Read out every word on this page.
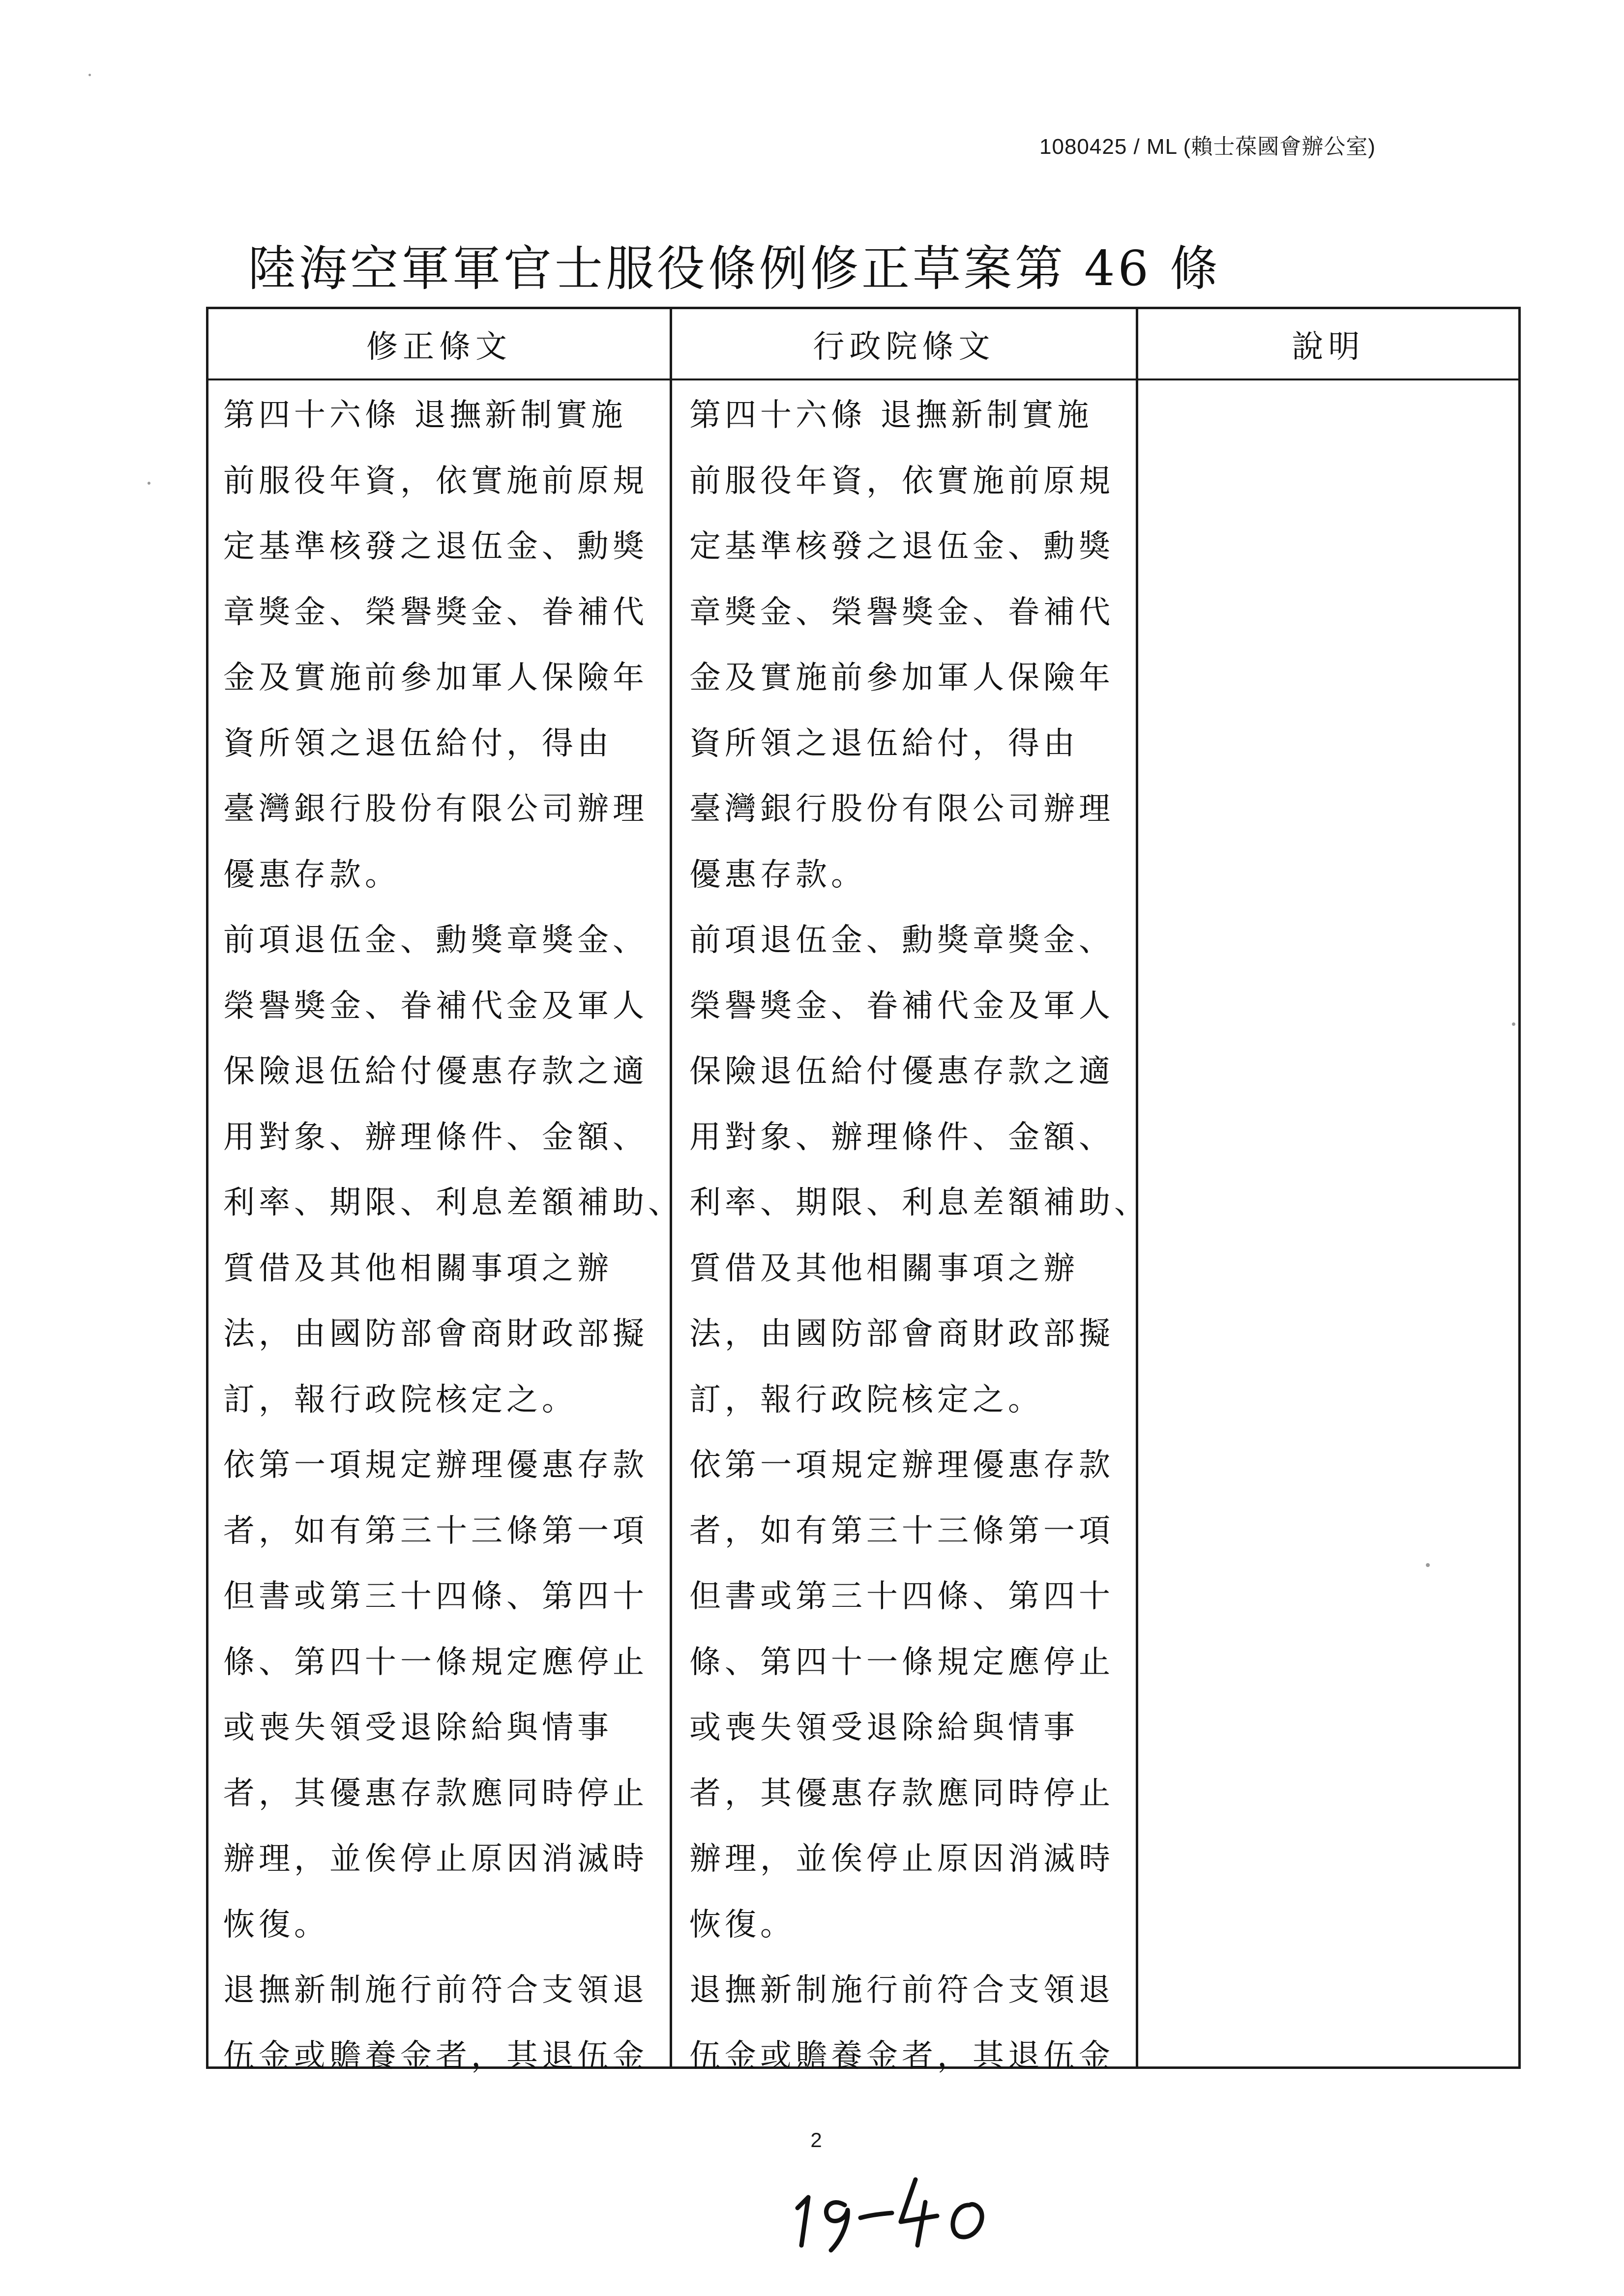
1080425 / ML (賴士葆國會辦公室)
陸海空軍軍官士服役條例修正草案第 46 條
修正條文	行政院條文	說明

第四十六條 退撫新制實施

前服役年資，依實施前原規

定基準核發之退伍金、勳獎

章獎金、榮譽獎金、眷補代

金及實施前參加軍人保險年

資所領之退伍給付，得由

臺灣銀行股份有限公司辦理

優惠存款。

前項退伍金、勳獎章獎金、

榮譽獎金、眷補代金及軍人

保險退伍給付優惠存款之適

用對象、辦理條件、金額、

利率、期限、利息差額補助、

質借及其他相關事項之辦

法，由國防部會商財政部擬

訂，報行政院核定之。

依第一項規定辦理優惠存款

者，如有第三十三條第一項

但書或第三十四條、第四十

條、第四十一條規定應停止

或喪失領受退除給與情事

者，其優惠存款應同時停止

辦理，並俟停止原因消滅時

恢復。

退撫新制施行前符合支領退

伍金或贍養金者，其退伍金

第四十六條 退撫新制實施

前服役年資，依實施前原規

定基準核發之退伍金、勳獎

章獎金、榮譽獎金、眷補代

金及實施前參加軍人保險年

資所領之退伍給付，得由

臺灣銀行股份有限公司辦理

優惠存款。

前項退伍金、勳獎章獎金、

榮譽獎金、眷補代金及軍人

保險退伍給付優惠存款之適

用對象、辦理條件、金額、

利率、期限、利息差額補助、

質借及其他相關事項之辦

法，由國防部會商財政部擬

訂，報行政院核定之。

依第一項規定辦理優惠存款

者，如有第三十三條第一項

但書或第三十四條、第四十

條、第四十一條規定應停止

或喪失領受退除給與情事

者，其優惠存款應同時停止

辦理，並俟停止原因消滅時

恢復。

退撫新制施行前符合支領退

伍金或贍養金者，其退伍金

2
